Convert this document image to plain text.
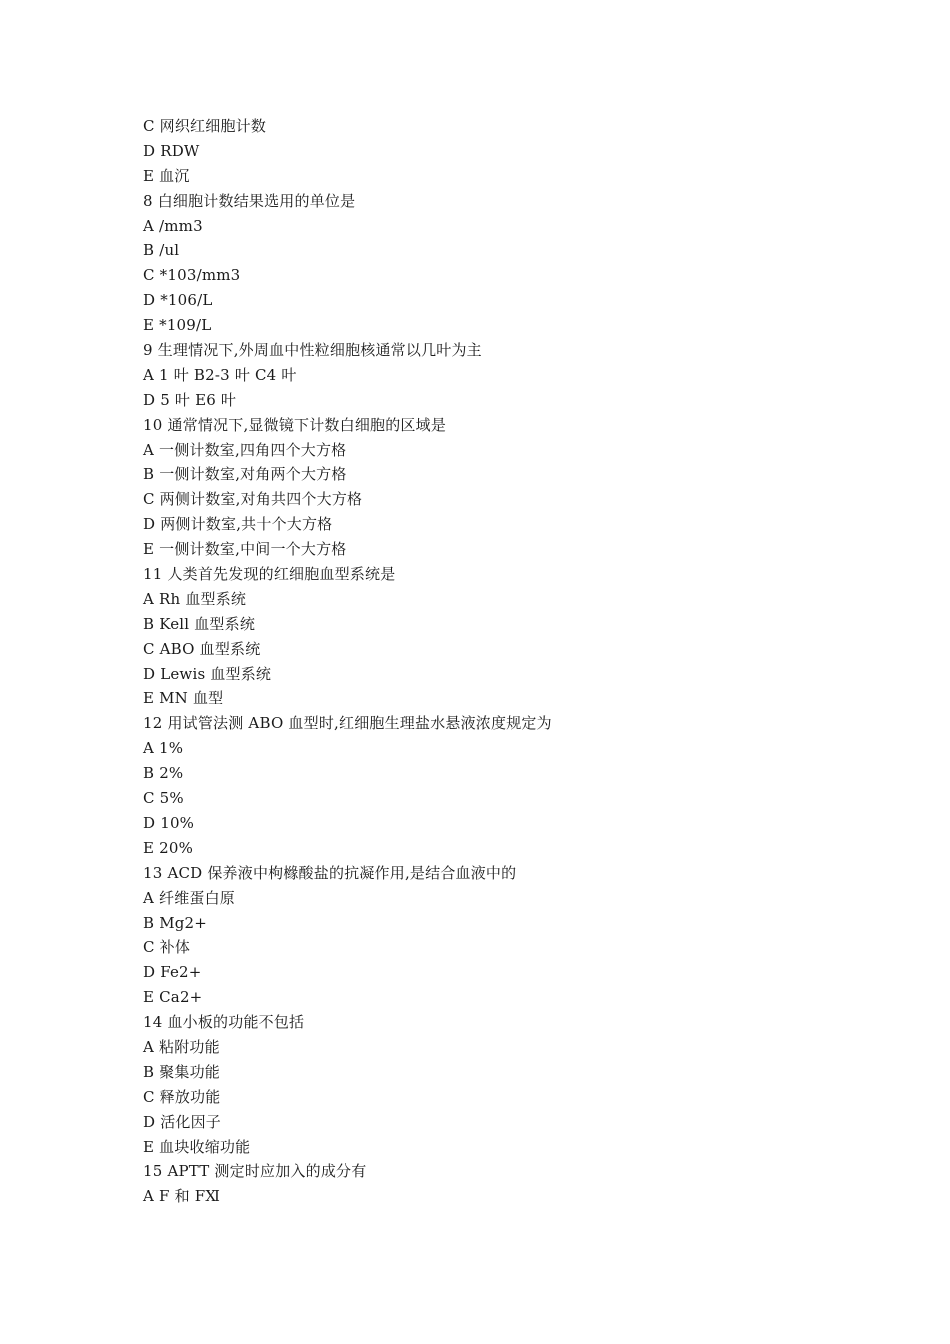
C 网织红细胞计数
D RDW
E 血沉
8 白细胞计数结果选用的单位是
A /mm3
B /ul
C *103/mm3
D *106/L
E *109/L
9 生理情况下,外周血中性粒细胞核通常以几叶为主
A 1 叶 B2-3 叶 C4 叶
D 5 叶 E6 叶
10 通常情况下,显微镜下计数白细胞的区域是
A 一侧计数室,四角四个大方格
B 一侧计数室,对角两个大方格
C 两侧计数室,对角共四个大方格
D 两侧计数室,共十个大方格
E 一侧计数室,中间一个大方格
11 人类首先发现的红细胞血型系统是
A Rh 血型系统
B Kell 血型系统
C ABO 血型系统
D Lewis 血型系统
E MN 血型
12 用试管法测 ABO 血型时,红细胞生理盐水悬液浓度规定为
A 1%
B 2%
C 5%
D 10%
E 20%
13 ACD 保养液中枸橼酸盐的抗凝作用,是结合血液中的
A 纤维蛋白原
B Mg2+
C 补体
D Fe2+
E Ca2+
14 血小板的功能不包括
A 粘附功能
B 聚集功能
C 释放功能
D 活化因子
E 血块收缩功能
15 APTT 测定时应加入的成分有
A F 和 FⅪ
